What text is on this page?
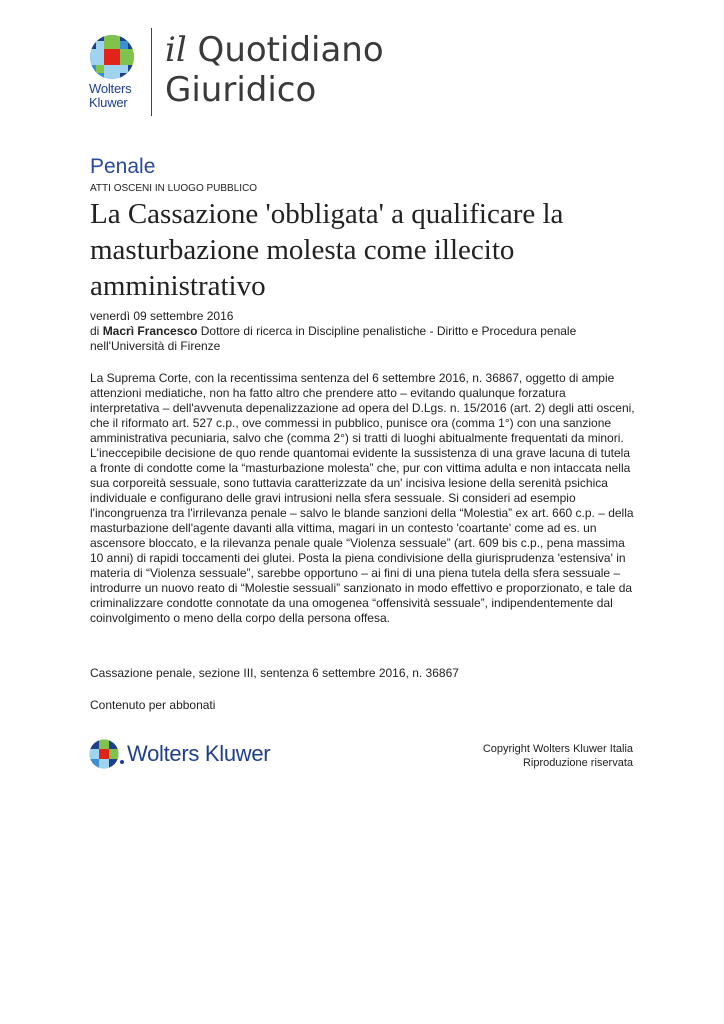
Wolters
Kluwer
il Quotidiano
Giuridico
Penale
ATTI OSCENI IN LUOGO PUBBLICO
La Cassazione 'obbligata' a qualificare la masturbazione molesta come illecito amministrativo
venerdì 09 settembre 2016
di Macrì Francesco Dottore di ricerca in Discipline penalistiche - Diritto e Procedura penale nell'Università di Firenze

La Suprema Corte, con la recentissima sentenza del 6 settembre 2016, n. 36867, oggetto di ampie attenzioni mediatiche, non ha fatto altro che prendere atto – evitando qualunque forzatura interpretativa – dell'avvenuta depenalizzazione ad opera del D.Lgs. n. 15/2016 (art. 2) degli atti osceni, che il riformato art. 527 c.p., ove commessi in pubblico, punisce ora (comma 1°) con una sanzione amministrativa pecuniaria, salvo che (comma 2°) si tratti di luoghi abitualmente frequentati da minori. L'ineccepibile decisione de quo rende quantomai evidente la sussistenza di una grave lacuna di tutela a fronte di condotte come la “masturbazione molesta” che, pur con vittima adulta e non intaccata nella sua corporeità sessuale, sono tuttavia caratterizzate da un' incisiva lesione della serenità psichica individuale e configurano delle gravi intrusioni nella sfera sessuale. Si consideri ad esempio l'incongruenza tra l'irrilevanza penale – salvo le blande sanzioni della “Molestia” ex art. 660 c.p. – della masturbazione dell'agente davanti alla vittima, magari in un contesto 'coartante' come ad es. un ascensore bloccato, e la rilevanza penale quale “Violenza sessuale” (art. 609 bis c.p., pena massima 10 anni) di rapidi toccamenti dei glutei. Posta la piena condivisione della giurisprudenza 'estensiva' in materia di “Violenza sessuale”, sarebbe opportuno – ai fini di una piena tutela della sfera sessuale – introdurre un nuovo reato di “Molestie sessuali” sanzionato in modo effettivo e proporzionato, e tale da criminalizzare condotte connotate da una omogenea “offensività sessuale”, indipendentemente dal coinvolgimento o meno della corpo della persona offesa.

Cassazione penale, sezione III, sentenza 6 settembre 2016, n. 36867
Contenuto per abbonati
Wolters Kluwer	Copyright Wolters Kluwer Italia
Riproduzione riservata
